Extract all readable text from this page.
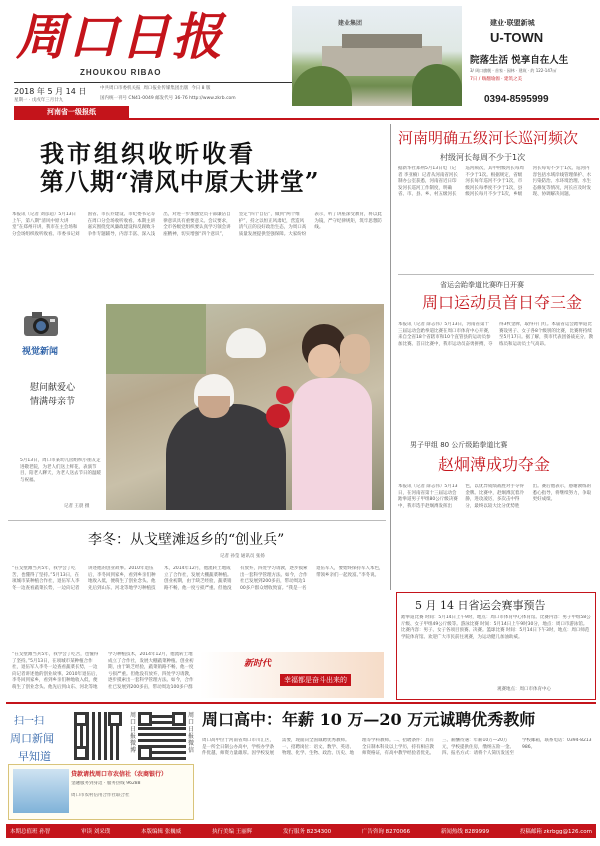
周口日报
ZHOUKOU RIBAO
2018 年 5 月 14 日
星期一 · 戊戌年三月廿九
中共周口市委机关报 周口报业传媒集团出版 今日 8 版
国内统一刊号 CN41-0049 邮发代号 36-76 http://www.zkrb.com
河南省一级报纸
建业集团	建业·联盟新城
U-TOWN
院落生活 悦享自在人生
3/ 周口旗舰 · 首家 · 园林 · 建筑 · 约 122-147㎡
7日 / 嗨翻瑜伽 · 建筑之美
0394-8595999
我市组织收听收看
第八期“清风中原大讲堂”
本报讯（记者 刘彦超）5月13日上午，第八期“清风中原大讲堂”在郑州开讲，我市在主会场和分会场组织收听收看。市委书记刘国省、市长乔建设、市纪委书记等在周口分会场收听收看。本期主讲嘉宾围绕党风廉政建设和反腐败斗争作专题辅导，内容丰富、深入浅出，对进一步加强党员干部廉洁自律意识具有重要意义。会议要求，全市各级党组织要认真学习领会讲座精神，切实增强“四个意识”，坚定“四个自信”，做到“两个维护”，持之以恒正风肃纪，营造风清气正的良好政治生态，为周口高质量发展提供坚强保障。大家纷纷表示，听了讲座深受教育，将以此为镜，严守纪律规矩，筑牢思想防线。
河南明确五级河长巡河频次
村级河长每周不少于1次
据新华社郑州5月13日电（记者 李亚楠）记者从河南省河长制办公室获悉，河南省近日印发河长巡河工作制度，明确省、市、县、乡、村五级河长巡河频次，其中村级河长每周不少于1次。根据规定，省级河长每年巡河不少于1次，市级河长每季度不少于1次，县级河长每月不少于1次，乡级河长每旬不少于1次。巡河内容包括水域岸线管理保护、水污染防治、水环境治理、水生态修复等情况，河长应及时发现、协调解决问题。
省运会跆拳道比赛昨日开赛
周口运动员首日夺三金
本报讯（记者 薛志伟）5月13日，河南省第十三届运动会跆拳道比赛在周口市体育中心开赛，来自全省18个省辖市和10个直管县的运动员参加比赛。首日比赛中，我市运动员奋勇拼搏，夺得3枚金牌，取得开门红。本届省运会跆拳道比赛设男子、女子各8个级别的比赛，比赛将持续至5月17日。据了解，我市代表团备战充分，教练员和运动员士气高昂。
男子甲组 80 公斤级跆拳道比赛
赵炯溥成功夺金
本报讯（记者 薛志伟）5月13日，在河南省第十三届运动会跆拳道男子甲组80公斤级决赛中，我市选手赵炯溥发挥出色，以优异成绩战胜对手夺得金牌。比赛中，赵炯溥沉着冷静，进攻凌厉，多次击中得分，最终以较大比分优势胜出。赛后他表示，感谢教练的悉心指导，将继续努力，争取更好成绩。
视觉新闻
慰问献爱心
情满母亲节
5月13日，周口市某幼儿园组织小朋友走进敬老院，为老人们送上鲜花，表演节目，陪老人聊天，为老人送去节日的温暖与祝福。
记者 王晨 摄
李冬：从戈壁滩返乡的“创业兵”
记者 孙莹 通讯员 张扬
“在戈壁滩当兵5年，我学会了吃苦，也懂得了坚持。”5月13日，在项城市某种植合作社，退伍军人李冬一边查看蔬菜长势，一边向记者讲述他的创业故事。2010年退伍后，李冬回到家乡，看到乡亲们种地收入低，便萌生了创业念头。他先后到山东、河北等地学习种植技术，2014年12月，他流转土地成立了合作社，发展大棚蔬菜种植。创业初期，由于缺乏经验，蔬菜销路不畅，他一度亏损严重。但他没有放弃，四处学习请教，逐步摸索出一套科学管理方法。如今，合作社已发展到200多亩，带动周边100多户群众增收致富。“我是一名退伍军人，要始终保持军人本色，带领乡亲们一起致富。”李冬说。
新时代
幸福都是奋斗出来的
“在戈壁滩当兵5年，我学会了吃苦，也懂得了坚持。”5月13日，在项城市某种植合作社，退伍军人李冬一边查看蔬菜长势，一边向记者讲述他的创业故事。2010年退伍后，李冬回到家乡，看到乡亲们种地收入低，便萌生了创业念头。他先后到山东、河北等地学习种植技术，2014年12月，他流转土地成立了合作社，发展大棚蔬菜种植。创业初期，由于缺乏经验，蔬菜销路不畅，他一度亏损严重。但他没有放弃，四处学习请教，逐步摸索出一套科学管理方法。如今，合作社已发展到200多亩，带动周边100多户群
5 月 14 日省运会赛事预告
跆拳道比赛 时间：5月14日上午9时，地点：周口市体育中心体育馆。比赛内容：男子甲组58公斤级、女子甲组49公斤级等。游泳比赛 时间：5月14日上午9时30分，地点：周口市游泳馆。比赛内容：男子、女子各项目预赛、决赛。篮球比赛 时间：5月14日下午3时，地点：周口师范学院体育馆。欢迎广大市民前往观赛，为运动健儿加油助威。
观赛地点：周口市体育中心
扫一扫
周口新闻
早知道
周口日报微博
周口日报微信
贷款请找周口市农信社（农商银行）
金融服务到身边 · 服务热线 96288
周口市农村信用合作社联合社
周口高中：年薪 10 万—20 万元诚聘优秀教师
周口高中位于河南省周口市川汇区，是一所全日制公办高中，学校办学条件优越，师资力量雄厚。因学校发展需要，现面向全国诚聘优秀教师。一、招聘岗位：语文、数学、英语、物理、化学、生物、政治、历史、地理等学科教师。二、招聘条件：具有全日制本科及以上学历，持有相应教师资格证，有高中教学经验者优先。三、薪酬待遇：年薪10万—20万元，学校提供住房，缴纳五险一金。四、报名方式：请将个人简历发送至学校邮箱，联系电话：0394-8213986。
本期总值班 孙智	审读 刘采璞	本版编辑 张巍威	执行美编 王丽辉	发行服务 8234300	广告咨询 8270066	新闻热线 8289999	投稿邮箱 zkrbgg@126.com
